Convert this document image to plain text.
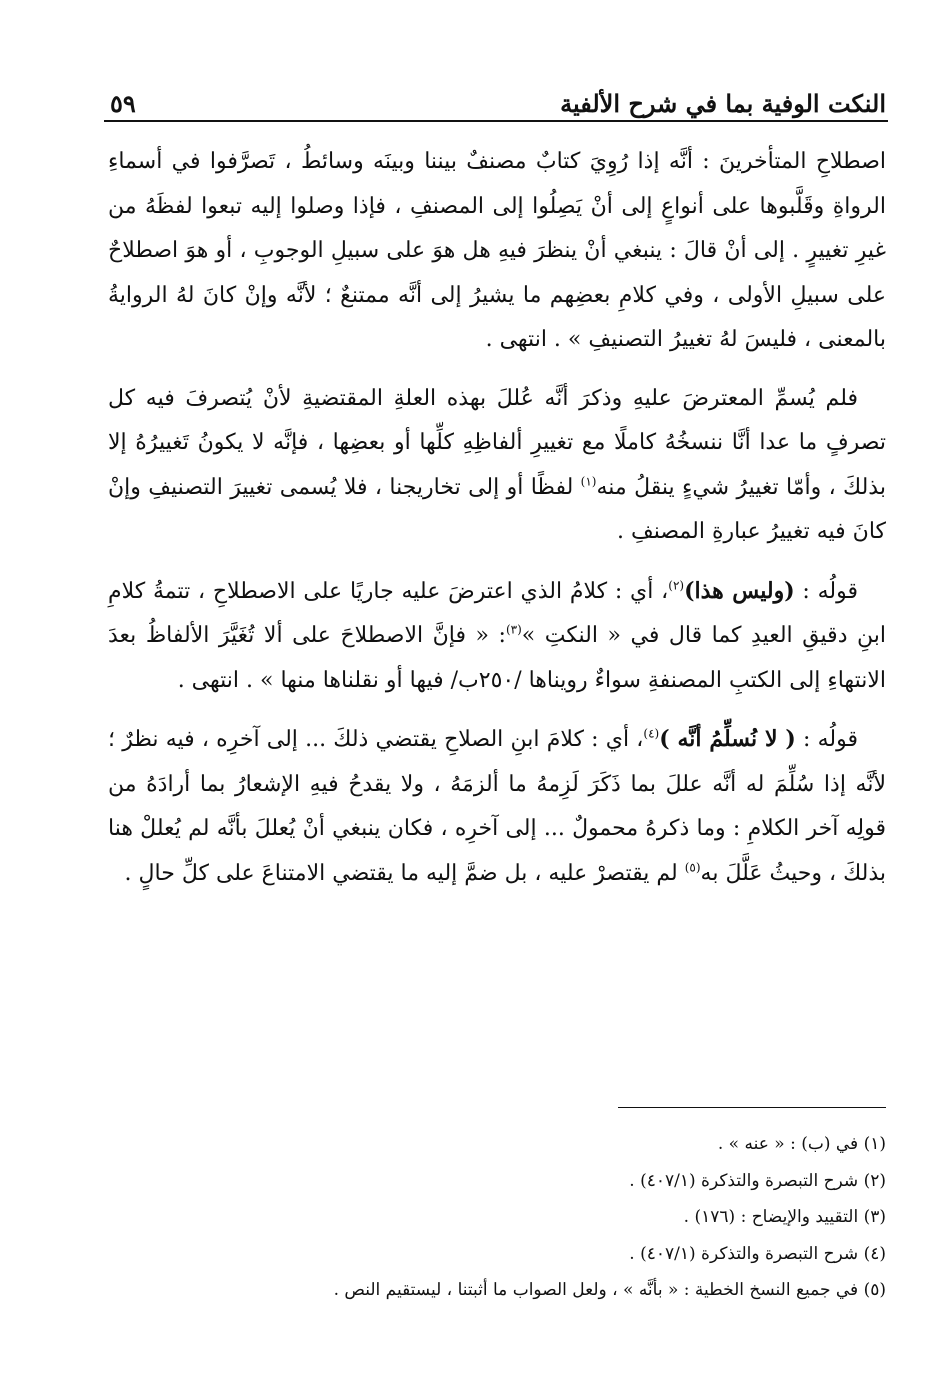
النكت الوفية بما في شرح الألفية
٥٩

اصطلاحِ المتأخرينَ : أنَّه إذا رُوِيَ كتابٌ مصنفٌ بيننا وبينَه وسائطُ ، تَصرَّفوا في أسماءِ الرواةِ وقَلَّبوها على أنواعٍ إلى أنْ يَصِلُوا إلى المصنفِ ، فإذا وصلوا إليه تبعوا لفظَهُ من غيرِ تغييرٍ . إلى أنْ قالَ : ينبغي أنْ ينظرَ فيهِ هل هوَ على سبيلِ الوجوبِ ، أو هوَ اصطلاحٌ على سبيلِ الأولى ، وفي كلامِ بعضِهم ما يشيرُ إلى أنَّه ممتنعٌ ؛ لأنَّه وإنْ كانَ لهُ الروايةُ بالمعنى ، فليسَ لهُ تغييرُ التصنيفِ » . انتهى .

فلم يُسمِّ المعترضَ عليهِ وذكرَ أنَّه عُللَ بهذه العلةِ المقتضيةِ لأنْ يُتصرفَ فيه كل تصرفٍ ما عدا أنَّا ننسخُهُ كاملًا مع تغييرِ ألفاظِهِ كلِّها أو بعضِها ، فإنَّه لا يكونُ تَغييرُهُ إلا بذلكَ ، وأمّا تغييرُ شيءٍ ينقلُ منه$^{(١)}$ لفظًا أو إلى تخاريجنا ، فلا يُسمى تغييرَ التصنيفِ وإنْ كانَ فيه تغييرُ عبارةِ المصنفِ .

قولُه : (وليس هذا)$^{(٢)}$، أي : كلامُ الذي اعترضَ عليه جاريًا على الاصطلاحِ ، تتمةُ كلامِ ابنِ دقيقِ العيدِ كما قال في « النكتِ »$^{(٣)}$: « فإنَّ الاصطلاحَ على ألا تُغَيَّرَ الألفاظُ بعدَ الانتهاءِ إلى الكتبِ المصنفةِ سواءٌ رويناها /٢٥٠ب/ فيها أو نقلناها منها » . انتهى .

قولُه : ( لا نُسلِّمُ أنَّه )$^{(٤)}$، أي : كلامَ ابنِ الصلاحِ يقتضي ذلكَ ... إلى آخرِه ، فيه نظرٌ ؛ لأنَّه إذا سُلِّمَ له أنَّه عللَ بما ذَكَرَ لَزِمهُ ما ألزمَهُ ، ولا يقدحُ فيهِ الإشعارُ بما أرادَهُ من قولِه آخر الكلامِ : وما ذكرهُ محمولٌ ... إلى آخرِه ، فكان ينبغي أنْ يُعللَ بأنَّه لم يُعللْ هنا بذلكَ ، وحيثُ عَلَّلَ به$^{(٥)}$ لم يقتصرْ عليه ، بل ضمَّ إليه ما يقتضي الامتناعَ على كلِّ حالٍ .

(١) في (ب) : « عنه » .

(٢) شرح التبصرة والتذكرة (٤٠٧/١) .

(٣) التقييد والإيضاح : (١٧٦) .

(٤) شرح التبصرة والتذكرة (٤٠٧/١) .

(٥) في جميع النسخ الخطية : « بأنَّه » ، ولعل الصواب ما أثبتنا ، ليستقيم النص .
